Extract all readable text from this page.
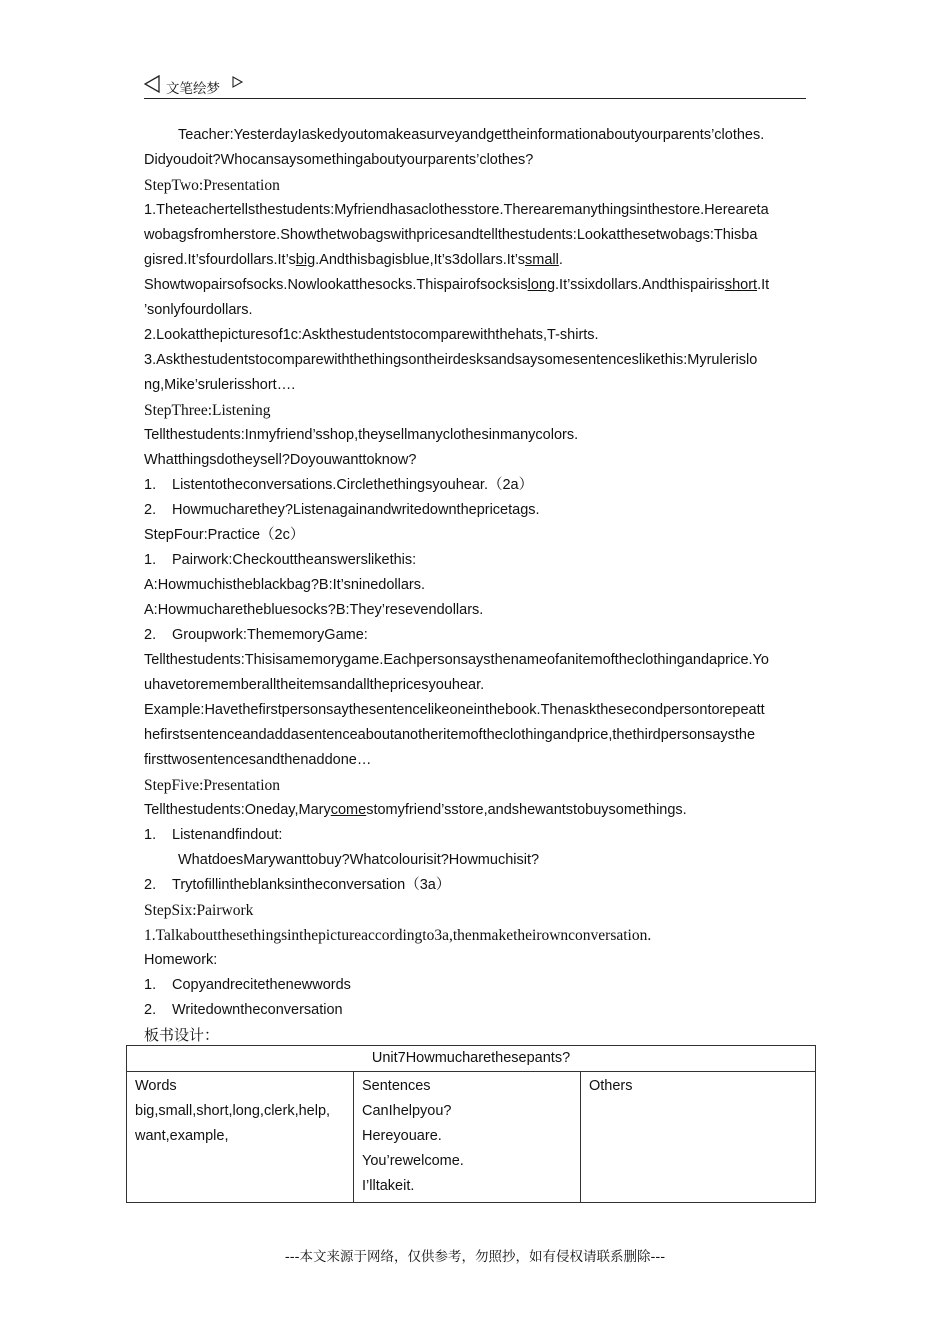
文笔绘梦
Teacher:YesterdayIaskedyoutomakeasurveyandgettheinformationaboutyourparents’clothes.
Didyoudoit?Whocansaysomethingaboutyourparents’clothes?
StepTwo:Presentation
1.Theteachertellsthestudents:Myfriendhasaclothesstore.Therearemanythingsinthestore.Hereareta
wobagsfromherstore.Showthetwobagswithpricesandtellthestudents:Lookatthesetwobags:Thisba
gisred.It’sfourdollars.It’sbig.Andthisbagisblue,It’s3dollars.It’ssmall.
Showtwopairsofsocks.Nowlookatthesocks.Thispairofsocksislong.It’ssixdollars.Andthispairisshort.It
’sonlyfourdollars.
2.Lookatthepicturesof1c:Askthestudentstocomparewiththehats,T-shirts.
3.Askthestudentstocomparewiththethingsontheirdesksandsaysomesentenceslikethis:Myrulerislo
ng,Mike’srulerisshort….
StepThree:Listening
Tellthestudents:Inmyfriend’sshop,theysellmanyclothesinmanycolors.
Whatthingsdotheysell?Doyouwanttoknow?
1. Listentotheconversations.Circlethethingsyouhear.（2a）
2. Howmucharethey?Listenagainandwritedownthepricetags.
StepFour:Practice（2c）
1. Pairwork:Checkouttheanswerslikethis:
A:Howmuchistheblackbag?B:It’sninedollars.
A:Howmucharethebluesocks?B:They’resevendollars.
2. Groupwork:ThememoryGame:
Tellthestudents:Thisisamemorygame.Eachpersonsaysthenameofanitemoftheclothingandaprice.Yo
uhavetorememberalltheitemsandallthepricesyouhear.
Example:Havethefirstpersonsaythesentencelikeoneinthebook.Thenaskthesecondpersontorepeatt
hefirstsentenceandaddasentenceaboutanotheritemoftheclothingandprice,thethirdpersonsaysthe
firsttwosentencesandthenaddone…
StepFive:Presentation
Tellthestudents:Oneday,Marycomestomyfriend’sstore,andshewantstobuysomethings.
1. Listenandfindout:
WhatdoesMarywanttobuy?Whatcolourisit?Howmuchisit?
2. Trytofillintheblanksintheconversation（3a）
StepSix:Pairwork
1.Talkaboutthesethingsinthepictureaccordingto3a,thenmaketheirownconversation.
Homework:
1. Copyandrecitethenewwords
2. Writedowntheconversation
板书设计：
Unit7Howmucharethesepants?

Words
big,small,short,long,clerk,help,
want,example,

Sentences
CanIhelpyou?
Hereyouare.
You’rewelcome.
I’lltakeit.

Others
---本文来源于网络，仅供参考，勿照抄，如有侵权请联系删除---
